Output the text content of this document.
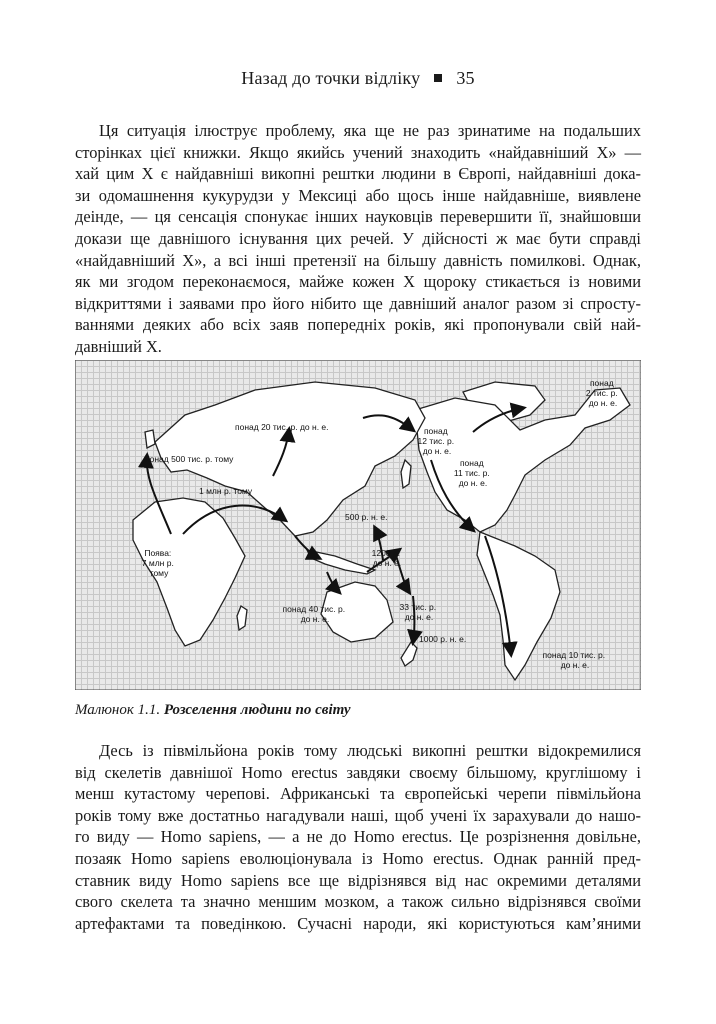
Назад до точки відліку 35
Ця ситуація ілюструє проблему, яка ще не раз зринатиме на подальших
сторінках цієї книжки. Якщо якийсь учений знаходить «найдавніший Х» —
хай цим Х є найдавніші викопні рештки людини в Європі, найдавніші дока-
зи одомашнення кукурудзи у Мексиці або щось інше найдавніше, виявлене
деінде, — ця сенсація спонукає інших науковців перевершити її, знайшовши
докази ще давнішого існування цих речей. У дійсності ж має бути справді
«найдавніший Х», а всі інші претензії на більшу давність помилкові. Однак,
як ми згодом переконаємося, майже кожен Х щороку стикається із новими
відкриттями і заявами про його нібито ще давніший аналог разом зі спросту-
ваннями деяких або всіх заяв попередніх років, які пропонували свій най-
давніший Х.
Поява: 7 млн р. тому
понад 500 тис. р. тому
1 млн р. тому
понад 20 тис. р. до н. е.	понад 12 тис. р. до н. е.
понад 2 тис. р. до н. е.
понад 11 тис. р. до н. е.
500 р. н. е.
1200 р. до н. е.
понад 40 тис. р. до н. е.
33 тис. р. до н. е.
1000 р. н. е.
понад 10 тис. р. до н. е.
Малюнок 1.1. Розселення людини по світу
Десь із півмільйона років тому людські викопні рештки відокремилися
від скелетів давнішої Homo erectus завдяки своєму більшому, круглішому і
менш кутастому черепові. Африканські та європейські черепи півмільйона
років тому вже достатньо нагадували наші, щоб учені їх зарахували до нашо-
го виду — Homo sapiens, — а не до Homo erectus. Це розрізнення довільне,
позаяк Homo sapiens еволюціонувала із Homo erectus. Однак ранній пред-
ставник виду Homo sapiens все ще відрізнявся від нас окремими деталями
свого скелета та значно меншим мозком, а також сильно відрізнявся своїми
артефактами та поведінкою. Сучасні народи, які користуються кам’яними
